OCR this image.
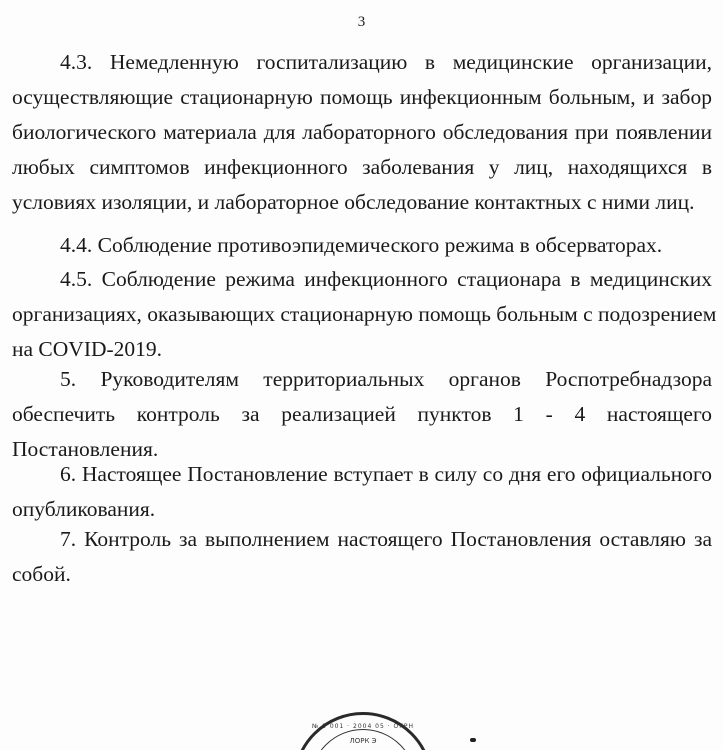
3
4.3. Немедленную госпитализацию в медицинские организации,
осуществляющие стационарную помощь инфекционным больным, и забор
биологического материала для лабораторного обследования при появлении
любых симптомов инфекционного заболевания у лиц, находящихся в
условиях изоляции, и лабораторное обследование контактных с ними лиц.
4.4. Соблюдение противоэпидемического режима в обсерваторах.
4.5. Соблюдение режима инфекционного стационара в медицинских
организациях, оказывающих стационарную помощь больным с подозрением
на COVID-2019.
5. Руководителям территориальных органов Роспотребнадзора
обеспечить контроль за реализацией пунктов 1 - 4 настоящего
Постановления.
6. Настоящее Постановление вступает в силу со дня его официального
опубликования.
7. Контроль за выполнением настоящего Постановления оставляю за
собой.
№ 0 001 · 2004 05 · ОГРН
ЛОРК Э
